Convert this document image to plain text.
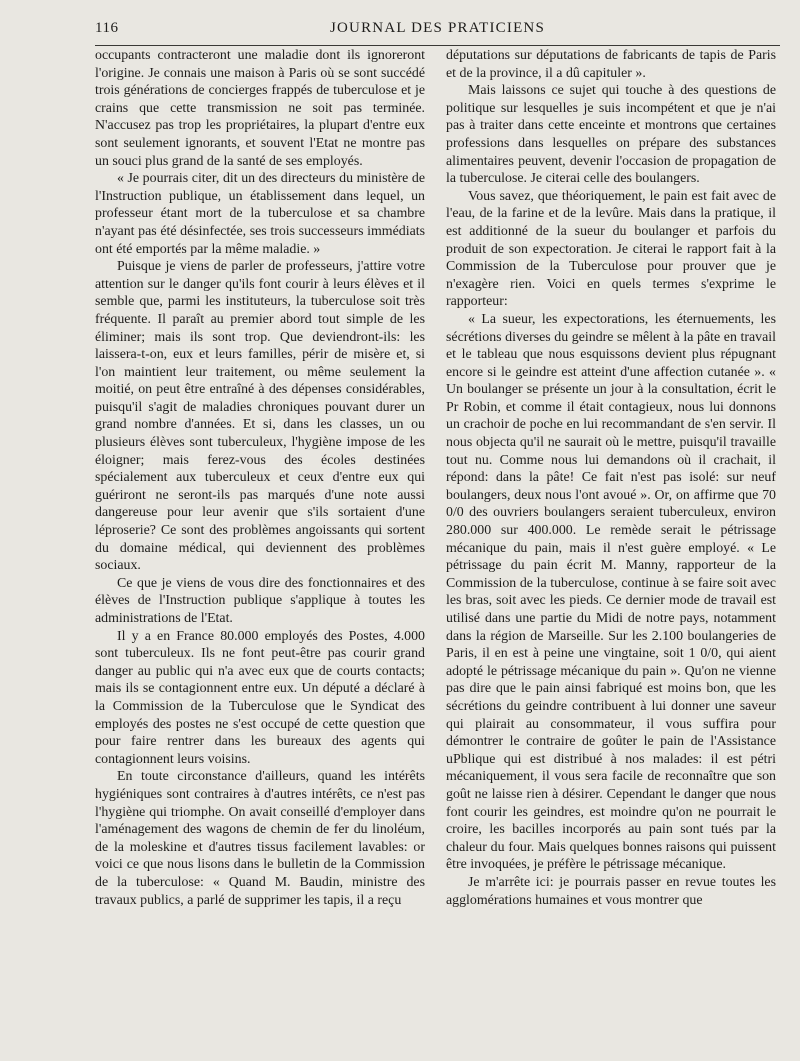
116	JOURNAL DES PRATICIENS

occupants contracteront une maladie dont ils ignoreront l'origine. Je connais une maison à Paris où se sont succédé trois générations de concierges frappés de tuberculose et je crains que cette transmission ne soit pas terminée. N'accusez pas trop les propriétaires, la plupart d'entre eux sont seulement ignorants, et souvent l'Etat ne montre pas un souci plus grand de la santé de ses employés.

« Je pourrais citer, dit un des directeurs du ministère de l'Instruction publique, un établissement dans lequel, un professeur étant mort de la tuberculose et sa chambre n'ayant pas été désinfectée, ses trois successeurs immédiats ont été emportés par la même maladie. »

Puisque je viens de parler de professeurs, j'attire votre attention sur le danger qu'ils font courir à leurs élèves et il semble que, parmi les instituteurs, la tuberculose soit très fréquente. Il paraît au premier abord tout simple de les éliminer; mais ils sont trop. Que deviendront-ils: les laissera-t-on, eux et leurs familles, périr de misère et, si l'on maintient leur traitement, ou même seulement la moitié, on peut être entraîné à des dépenses considérables, puisqu'il s'agit de maladies chroniques pouvant durer un grand nombre d'années. Et si, dans les classes, un ou plusieurs élèves sont tuberculeux, l'hygiène impose de les éloigner; mais ferez-vous des écoles destinées spécialement aux tuberculeux et ceux d'entre eux qui guériront ne seront-ils pas marqués d'une note aussi dangereuse pour leur avenir que s'ils sortaient d'une léproserie? Ce sont des problèmes angoissants qui sortent du domaine médical, qui deviennent des problèmes sociaux.

Ce que je viens de vous dire des fonctionnaires et des élèves de l'Instruction publique s'applique à toutes les administrations de l'Etat.

Il y a en France 80.000 employés des Postes, 4.000 sont tuberculeux. Ils ne font peut-être pas courir grand danger au public qui n'a avec eux que de courts contacts; mais ils se contagionnent entre eux. Un député a déclaré à la Commission de la Tuberculose que le Syndicat des employés des postes ne s'est occupé de cette question que pour faire rentrer dans les bureaux des agents qui contagionnent leurs voisins.

En toute circonstance d'ailleurs, quand les intérêts hygiéniques sont contraires à d'autres intérêts, ce n'est pas l'hygiène qui triomphe. On avait conseillé d'employer dans l'aménagement des wagons de chemin de fer du linoléum, de la moleskine et d'autres tissus facilement lavables: or voici ce que nous lisons dans le bulletin de la Commission de la tuberculose: « Quand M. Baudin, ministre des travaux publics, a parlé de supprimer les tapis, il a reçu

députations sur députations de fabricants de tapis de Paris et de la province, il a dû capituler ».

Mais laissons ce sujet qui touche à des questions de politique sur lesquelles je suis incompétent et que je n'ai pas à traiter dans cette enceinte et montrons que certaines professions dans lesquelles on prépare des substances alimentaires peuvent, devenir l'occasion de propagation de la tuberculose. Je citerai celle des boulangers.

Vous savez, que théoriquement, le pain est fait avec de l'eau, de la farine et de la levûre. Mais dans la pratique, il est additionné de la sueur du boulanger et parfois du produit de son expectoration. Je citerai le rapport fait à la Commission de la Tuberculose pour prouver que je n'exagère rien. Voici en quels termes s'exprime le rapporteur:

« La sueur, les expectorations, les éternuements, les sécrétions diverses du geindre se mêlent à la pâte en travail et le tableau que nous esquissons devient plus répugnant encore si le geindre est atteint d'une affection cutanée ». « Un boulanger se présente un jour à la consultation, écrit le Pr Robin, et comme il était contagieux, nous lui donnons un crachoir de poche en lui recommandant de s'en servir. Il nous objecta qu'il ne saurait où le mettre, puisqu'il travaille tout nu. Comme nous lui demandons où il crachait, il répond: dans la pâte! Ce fait n'est pas isolé: sur neuf boulangers, deux nous l'ont avoué ». Or, on affirme que 70 0/0 des ouvriers boulangers seraient tuberculeux, environ 280.000 sur 400.000. Le remède serait le pétrissage mécanique du pain, mais il n'est guère employé. « Le pétrissage du pain écrit M. Manny, rapporteur de la Commission de la tuberculose, continue à se faire soit avec les bras, soit avec les pieds. Ce dernier mode de travail est utilisé dans une partie du Midi de notre pays, notamment dans la région de Marseille. Sur les 2.100 boulangeries de Paris, il en est à peine une vingtaine, soit 1 0/0, qui aient adopté le pétrissage mécanique du pain ». Qu'on ne vienne pas dire que le pain ainsi fabriqué est moins bon, que les sécrétions du geindre contribuent à lui donner une saveur qui plairait au consommateur, il vous suffira pour démontrer le contraire de goûter le pain de l'Assistance uPblique qui est distribué à nos malades: il est pétri mécaniquement, il vous sera facile de reconnaître que son goût ne laisse rien à désirer. Cependant le danger que nous font courir les geindres, est moindre qu'on ne pourrait le croire, les bacilles incorporés au pain sont tués par la chaleur du four. Mais quelques bonnes raisons qui puissent être invoquées, je préfère le pétrissage mécanique.

Je m'arrête ici: je pourrais passer en revue toutes les agglomérations humaines et vous montrer que
